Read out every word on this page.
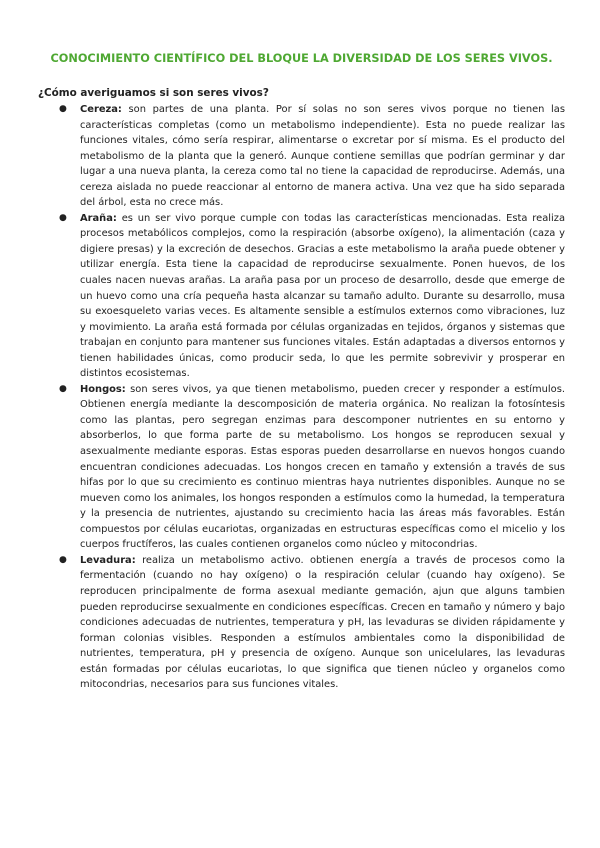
CONOCIMIENTO CIENTÍFICO DEL BLOQUE LA DIVERSIDAD DE LOS SERES VIVOS.
¿Cómo averiguamos si son seres vivos?
● Cereza: son partes de una planta. Por sí solas no son seres vivos porque no tienen las características completas (como un metabolismo independiente). Esta no puede realizar las funciones vitales, cómo sería respirar, alimentarse o excretar por sí misma. Es el producto del metabolismo de la planta que la generó. Aunque contiene semillas que podrían germinar y dar lugar a una nueva planta, la cereza como tal no tiene la capacidad de reproducirse. Además, una cereza aislada no puede reaccionar al entorno de manera activa. Una vez que ha sido separada del árbol, esta no crece más.
● Araña: es un ser vivo porque cumple con todas las características mencionadas. Esta realiza procesos metabólicos complejos, como la respiración (absorbe oxígeno), la alimentación (caza y digiere presas) y la excreción de desechos. Gracias a este metabolismo la araña puede obtener y utilizar energía. Esta tiene la capacidad de reproducirse sexualmente. Ponen huevos, de los cuales nacen nuevas arañas. La araña pasa por un proceso de desarrollo, desde que emerge de un huevo como una cría pequeña hasta alcanzar su tamaño adulto. Durante su desarrollo, musa su exoesqueleto varias veces. Es altamente sensible a estímulos externos como vibraciones, luz y movimiento. La araña está formada por células organizadas en tejidos, órganos y sistemas que trabajan en conjunto para mantener sus funciones vitales. Están adaptadas a diversos entornos y tienen habilidades únicas, como producir seda, lo que les permite sobrevivir y prosperar en distintos ecosistemas.
● Hongos: son seres vivos, ya que tienen metabolismo, pueden crecer y responder a estímulos. Obtienen energía mediante la descomposición de materia orgánica. No realizan la fotosíntesis como las plantas, pero segregan enzimas para descomponer nutrientes en su entorno y absorberlos, lo que forma parte de su metabolismo. Los hongos se reproducen sexual y asexualmente mediante esporas. Estas esporas pueden desarrollarse en nuevos hongos cuando encuentran condiciones adecuadas. Los hongos crecen en tamaño y extensión a través de sus hifas por lo que su crecimiento es continuo mientras haya nutrientes disponibles. Aunque no se mueven como los animales, los hongos responden a estímulos como la humedad, la temperatura y la presencia de nutrientes, ajustando su crecimiento hacia las áreas más favorables. Están compuestos por células eucariotas, organizadas en estructuras específicas como el micelio y los cuerpos fructíferos, las cuales contienen organelos como núcleo y mitocondrias.
● Levadura: realiza un metabolismo activo. obtienen energía a través de procesos como la fermentación (cuando no hay oxígeno) o la respiración celular (cuando hay oxígeno). Se reproducen principalmente de forma asexual mediante gemación, ajun que alguns tambien pueden reproducirse sexualmente en condiciones específicas. Crecen en tamaño y número y bajo condiciones adecuadas de nutrientes, temperatura y pH, las levaduras se dividen rápidamente y forman colonias visibles. Responden a estímulos ambientales como la disponibilidad de nutrientes, temperatura, pH y presencia de oxígeno. Aunque son unicelulares, las levaduras están formadas por células eucariotas, lo que significa que tienen núcleo y organelos como mitocondrias, necesarios para sus funciones vitales.
